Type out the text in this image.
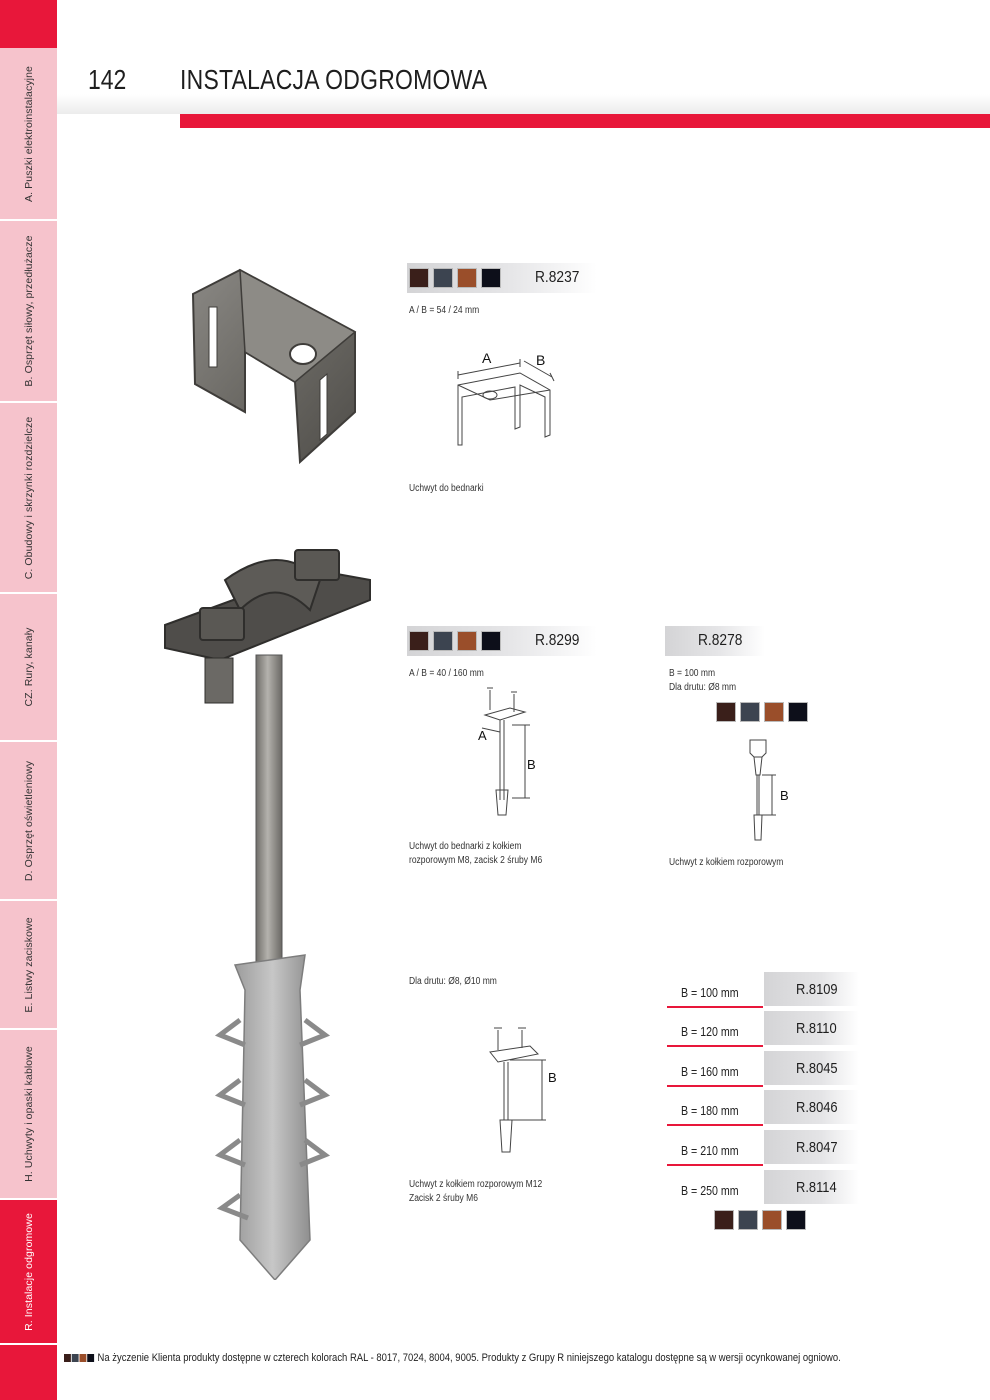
A. Puszki elektroinstalacyjne
B. Osprzęt siłowy, przedłużacze
C. Obudowy i skrzynki rozdzielcze
CZ. Rury, kanały
D. Osprzęt oświetleniowy
E. Listwy zaciskowe
H. Uchwyty i opaski kablowe
R. Instalacje odgromowe
142 INSTALACJA ODGROMOWA
R.8237
A / B = 54 / 24 mm
A	B
Uchwyt do bednarki
R.8299
A / B = 40 / 160 mm
A
B
Uchwyt do bednarki z kołkiem
rozporowym M8, zacisk 2 śruby M6
R.8278
B = 100 mm
Dla drutu: Ø8 mm
B
Uchwyt z kołkiem rozporowym
Dla drutu: Ø8, Ø10 mm
B
Uchwyt z kołkiem rozporowym M12
Zacisk 2 śruby M6
B = 100 mm	R.8109
B = 120 mm	R.8110
B = 160 mm	R.8045
B = 180 mm	R.8046
B = 210 mm	R.8047
B = 250 mm	R.8114
Na życzenie Klienta produkty dostępne w czterech kolorach RAL - 8017, 7024, 8004, 9005. Produkty z Grupy R niniejszego katalogu dostępne są w wersji ocynkowanej ogniowo.
